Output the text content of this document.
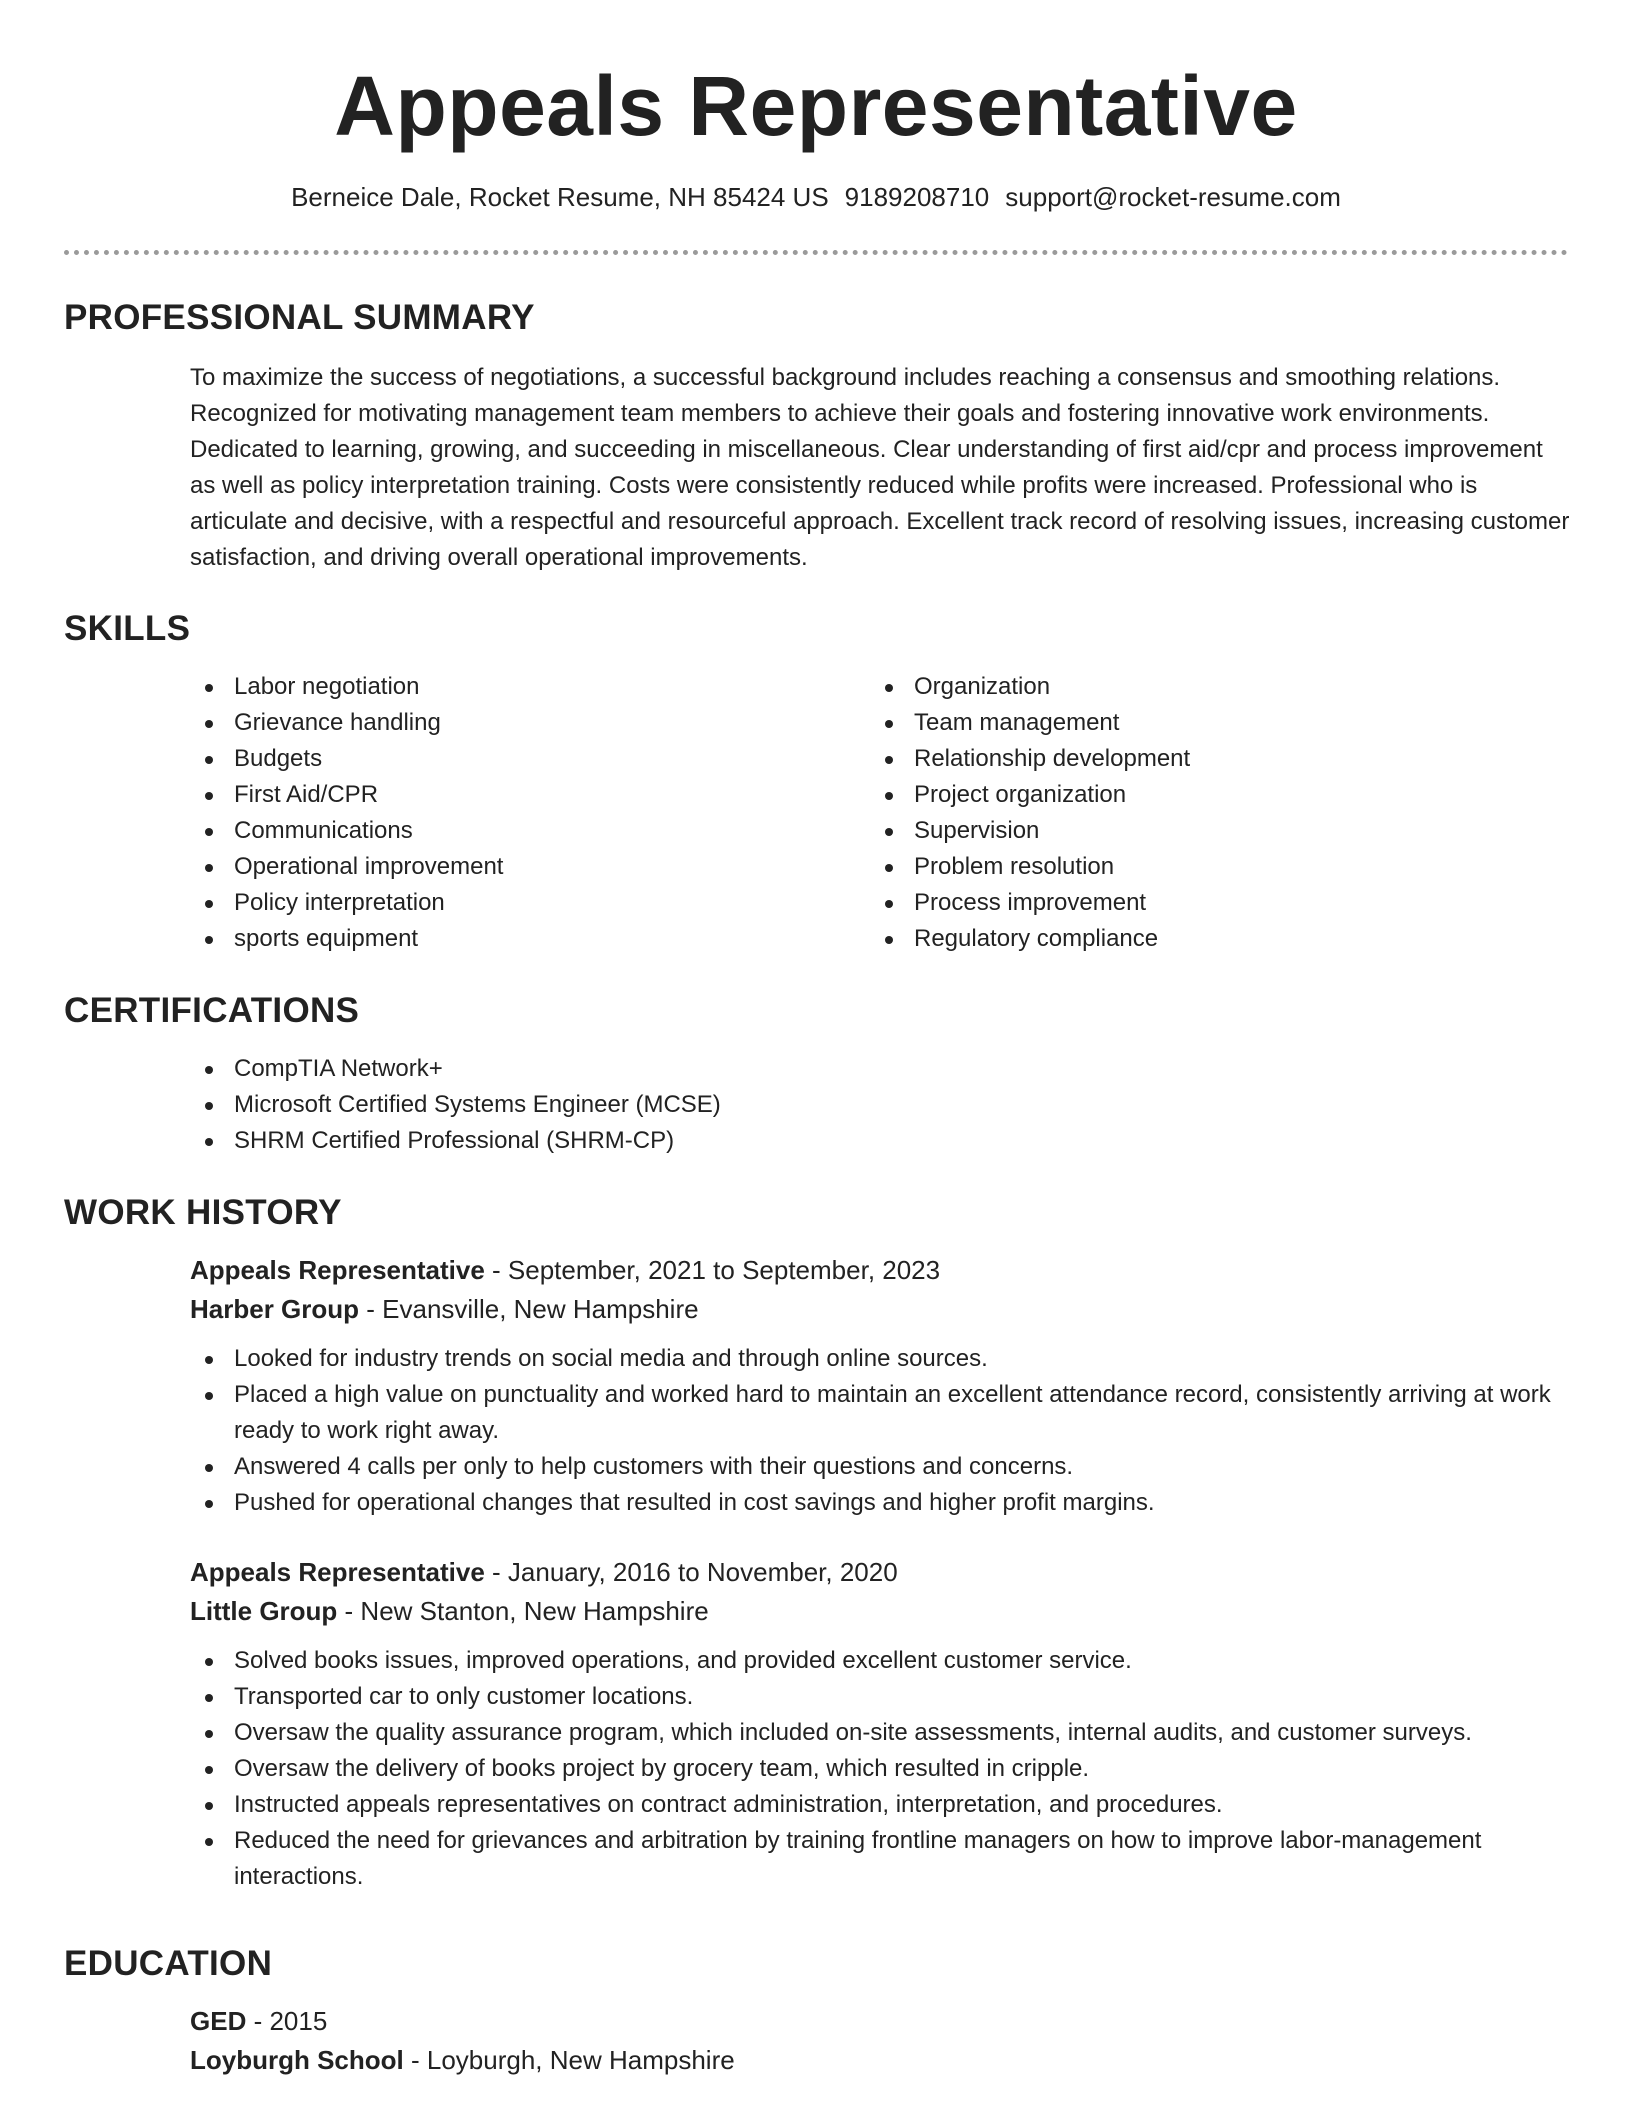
Appeals Representative
Berneice Dale, Rocket Resume, NH 85424 US 9189208710 support@rocket-resume.com
PROFESSIONAL SUMMARY
To maximize the success of negotiations, a successful background includes reaching a consensus and smoothing relations. Recognized for motivating management team members to achieve their goals and fostering innovative work environments. Dedicated to learning, growing, and succeeding in miscellaneous. Clear understanding of first aid/cpr and process improvement as well as policy interpretation training. Costs were consistently reduced while profits were increased. Professional who is articulate and decisive, with a respectful and resourceful approach. Excellent track record of resolving issues, increasing customer satisfaction, and driving overall operational improvements.
SKILLS
Labor negotiation
Grievance handling
Budgets
First Aid/CPR
Communications
Operational improvement
Policy interpretation
sports equipment
Organization
Team management
Relationship development
Project organization
Supervision
Problem resolution
Process improvement
Regulatory compliance
CERTIFICATIONS
CompTIA Network+
Microsoft Certified Systems Engineer (MCSE)
SHRM Certified Professional (SHRM-CP)
WORK HISTORY
Appeals Representative - September, 2021 to September, 2023
Harber Group - Evansville, New Hampshire
Looked for industry trends on social media and through online sources.
Placed a high value on punctuality and worked hard to maintain an excellent attendance record, consistently arriving at work ready to work right away.
Answered 4 calls per only to help customers with their questions and concerns.
Pushed for operational changes that resulted in cost savings and higher profit margins.
Appeals Representative - January, 2016 to November, 2020
Little Group - New Stanton, New Hampshire
Solved books issues, improved operations, and provided excellent customer service.
Transported car to only customer locations.
Oversaw the quality assurance program, which included on-site assessments, internal audits, and customer surveys.
Oversaw the delivery of books project by grocery team, which resulted in cripple.
Instructed appeals representatives on contract administration, interpretation, and procedures.
Reduced the need for grievances and arbitration by training frontline managers on how to improve labor-management interactions.
EDUCATION
GED - 2015
Loyburgh School - Loyburgh, New Hampshire
